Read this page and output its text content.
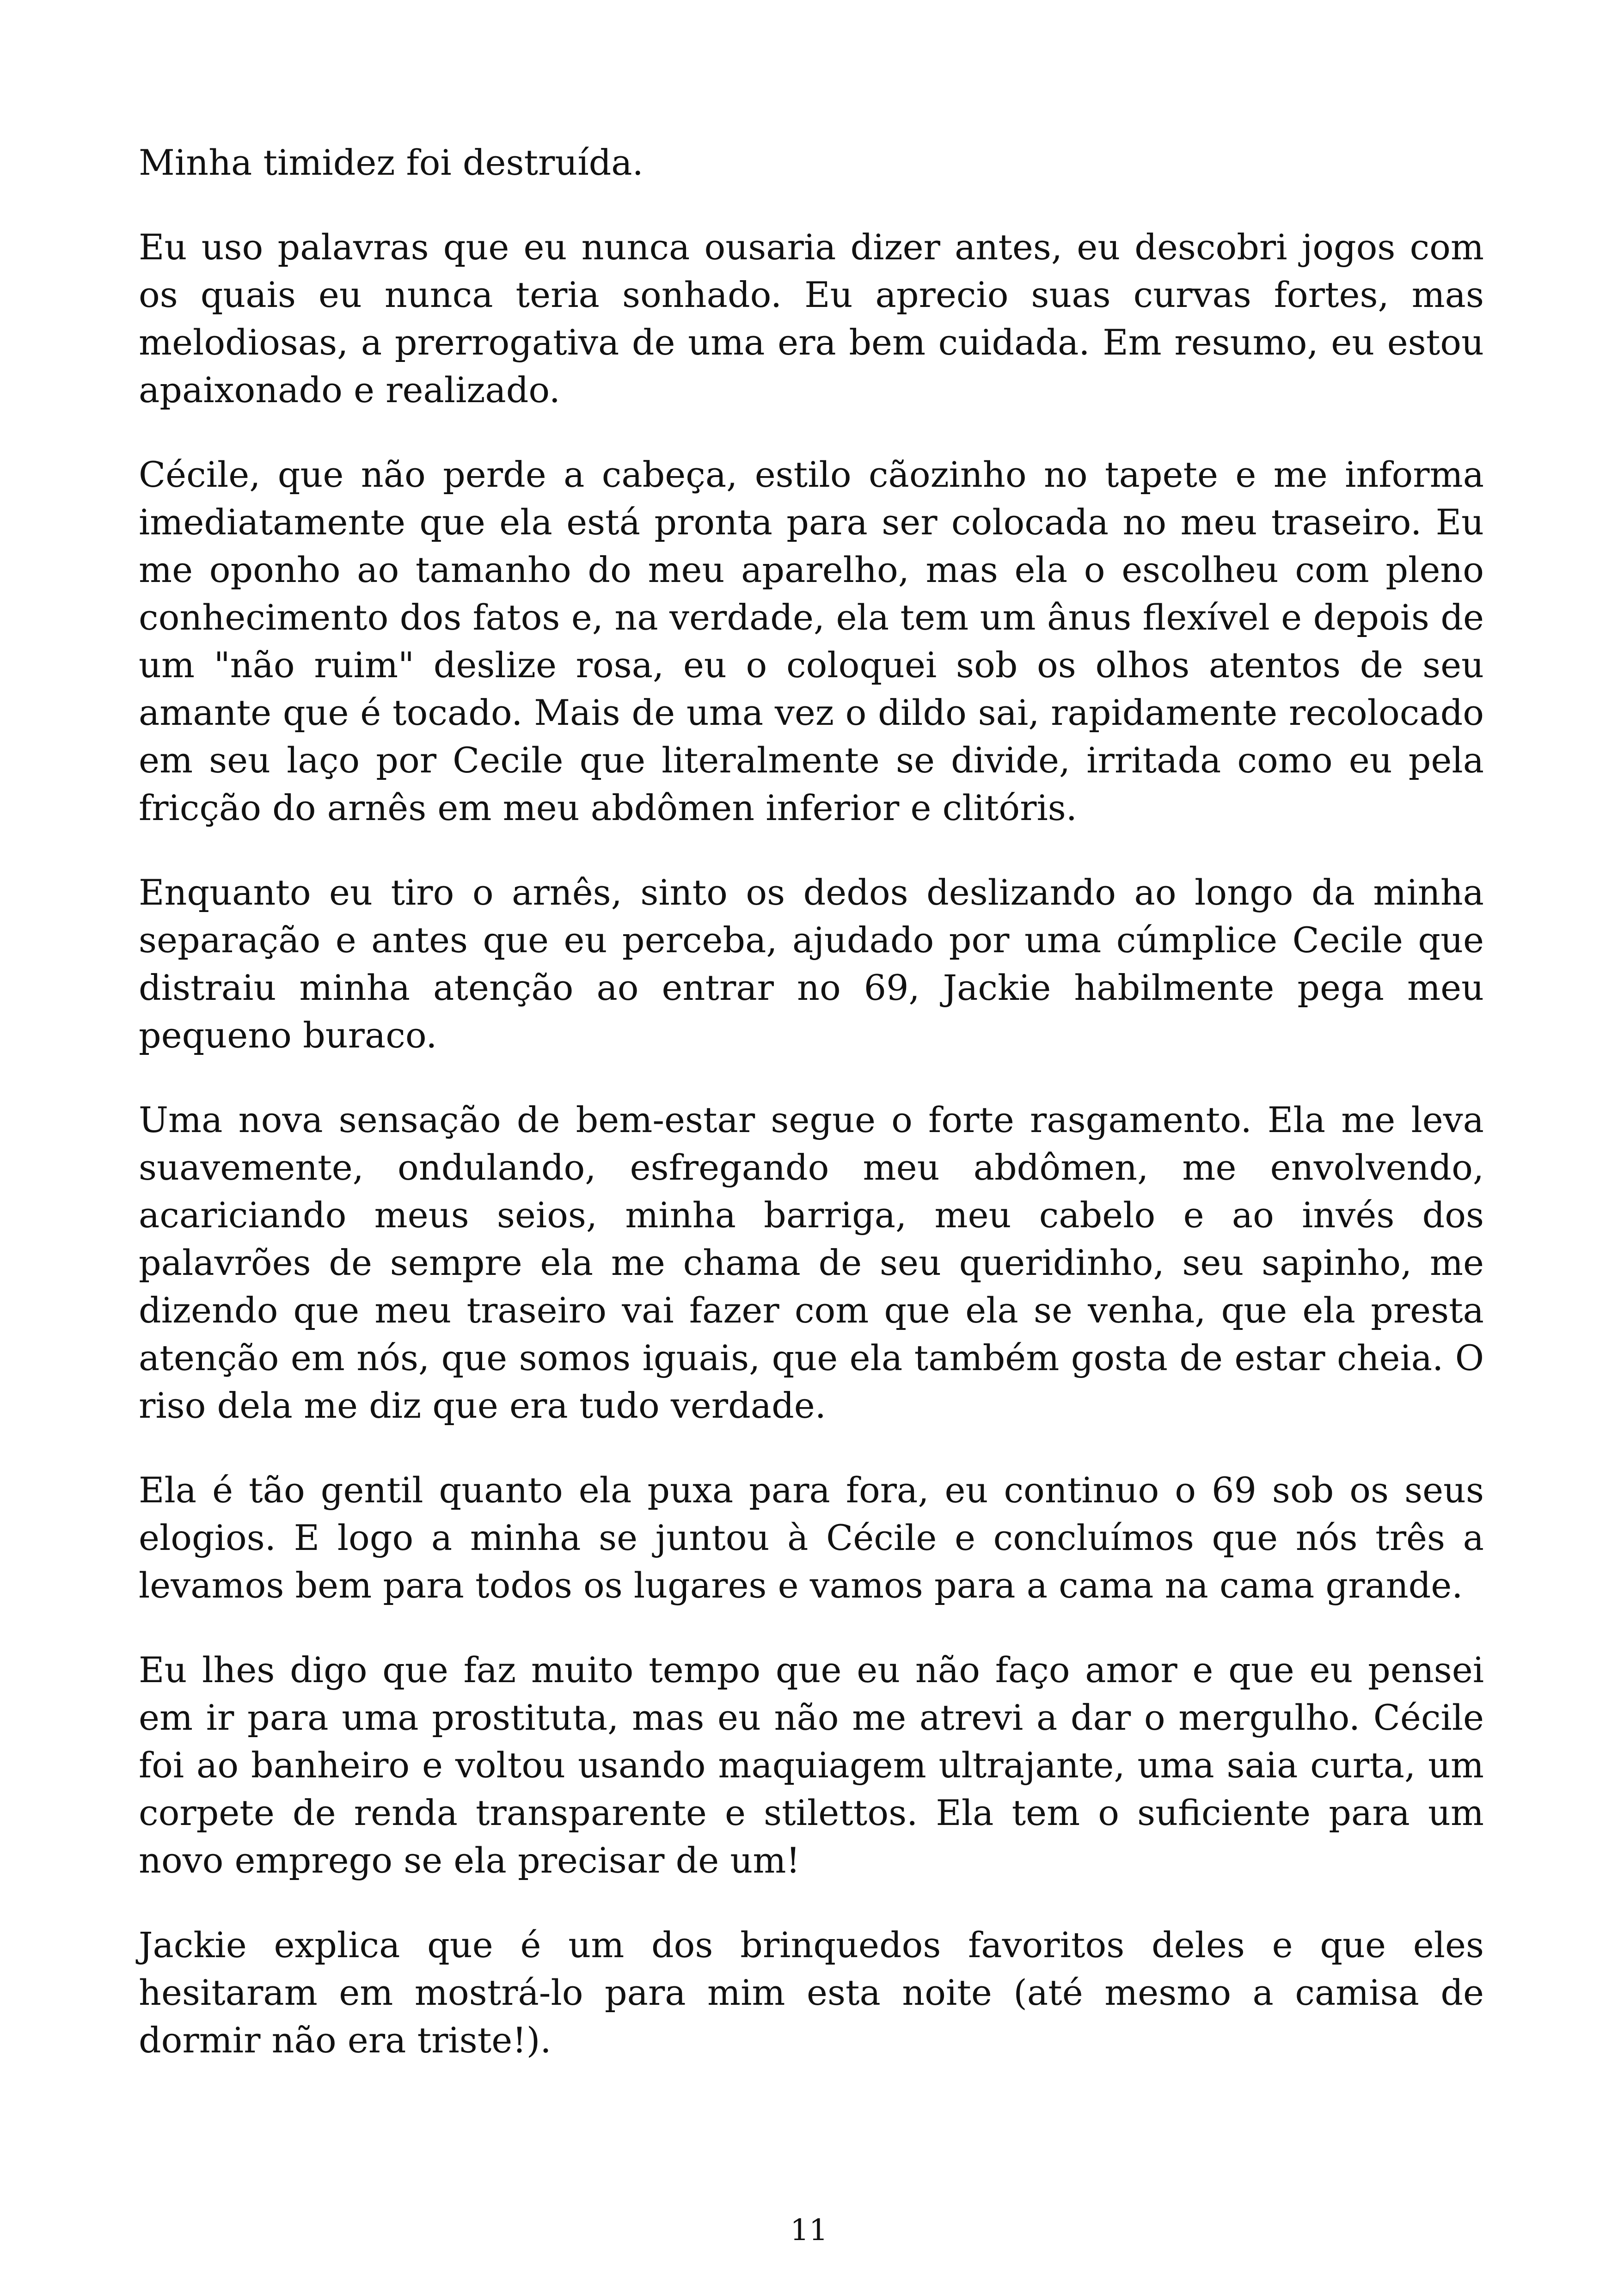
Minha timidez foi destruída.

Eu uso palavras que eu nunca ousaria dizer antes, eu descobri jogos com os quais eu nunca teria sonhado. Eu aprecio suas curvas fortes, mas melodiosas, a prerrogativa de uma era bem cuidada. Em resumo, eu estou apaixonado e realizado.

Cécile, que não perde a cabeça, estilo cãozinho no tapete e me informa imediatamente que ela está pronta para ser colocada no meu traseiro. Eu me oponho ao tamanho do meu aparelho, mas ela o escolheu com pleno conhecimento dos fatos e, na verdade, ela tem um ânus flexível e depois de um "não ruim" deslize rosa, eu o coloquei sob os olhos atentos de seu amante que é tocado. Mais de uma vez o dildo sai, rapidamente recolocado em seu laço por Cecile que literalmente se divide, irritada como eu pela fricção do arnês em meu abdômen inferior e clitóris.

Enquanto eu tiro o arnês, sinto os dedos deslizando ao longo da minha separação e antes que eu perceba, ajudado por uma cúmplice Cecile que distraiu minha atenção ao entrar no 69, Jackie habilmente pega meu pequeno buraco.

Uma nova sensação de bem-estar segue o forte rasgamento. Ela me leva suavemente, ondulando, esfregando meu abdômen, me envolvendo, acariciando meus seios, minha barriga, meu cabelo e ao invés dos palavrões de sempre ela me chama de seu queridinho, seu sapinho, me dizendo que meu traseiro vai fazer com que ela se venha, que ela presta atenção em nós, que somos iguais, que ela também gosta de estar cheia. O riso dela me diz que era tudo verdade.

Ela é tão gentil quanto ela puxa para fora, eu continuo o 69 sob os seus elogios. E logo a minha se juntou à Cécile e concluímos que nós três a levamos bem para todos os lugares e vamos para a cama na cama grande.

Eu lhes digo que faz muito tempo que eu não faço amor e que eu pensei em ir para uma prostituta, mas eu não me atrevi a dar o mergulho. Cécile foi ao banheiro e voltou usando maquiagem ultrajante, uma saia curta, um corpete de renda transparente e stilettos. Ela tem o suficiente para um novo emprego se ela precisar de um!

Jackie explica que é um dos brinquedos favoritos deles e que eles hesitaram em mostrá-lo para mim esta noite (até mesmo a camisa de dormir não era triste!).

11
